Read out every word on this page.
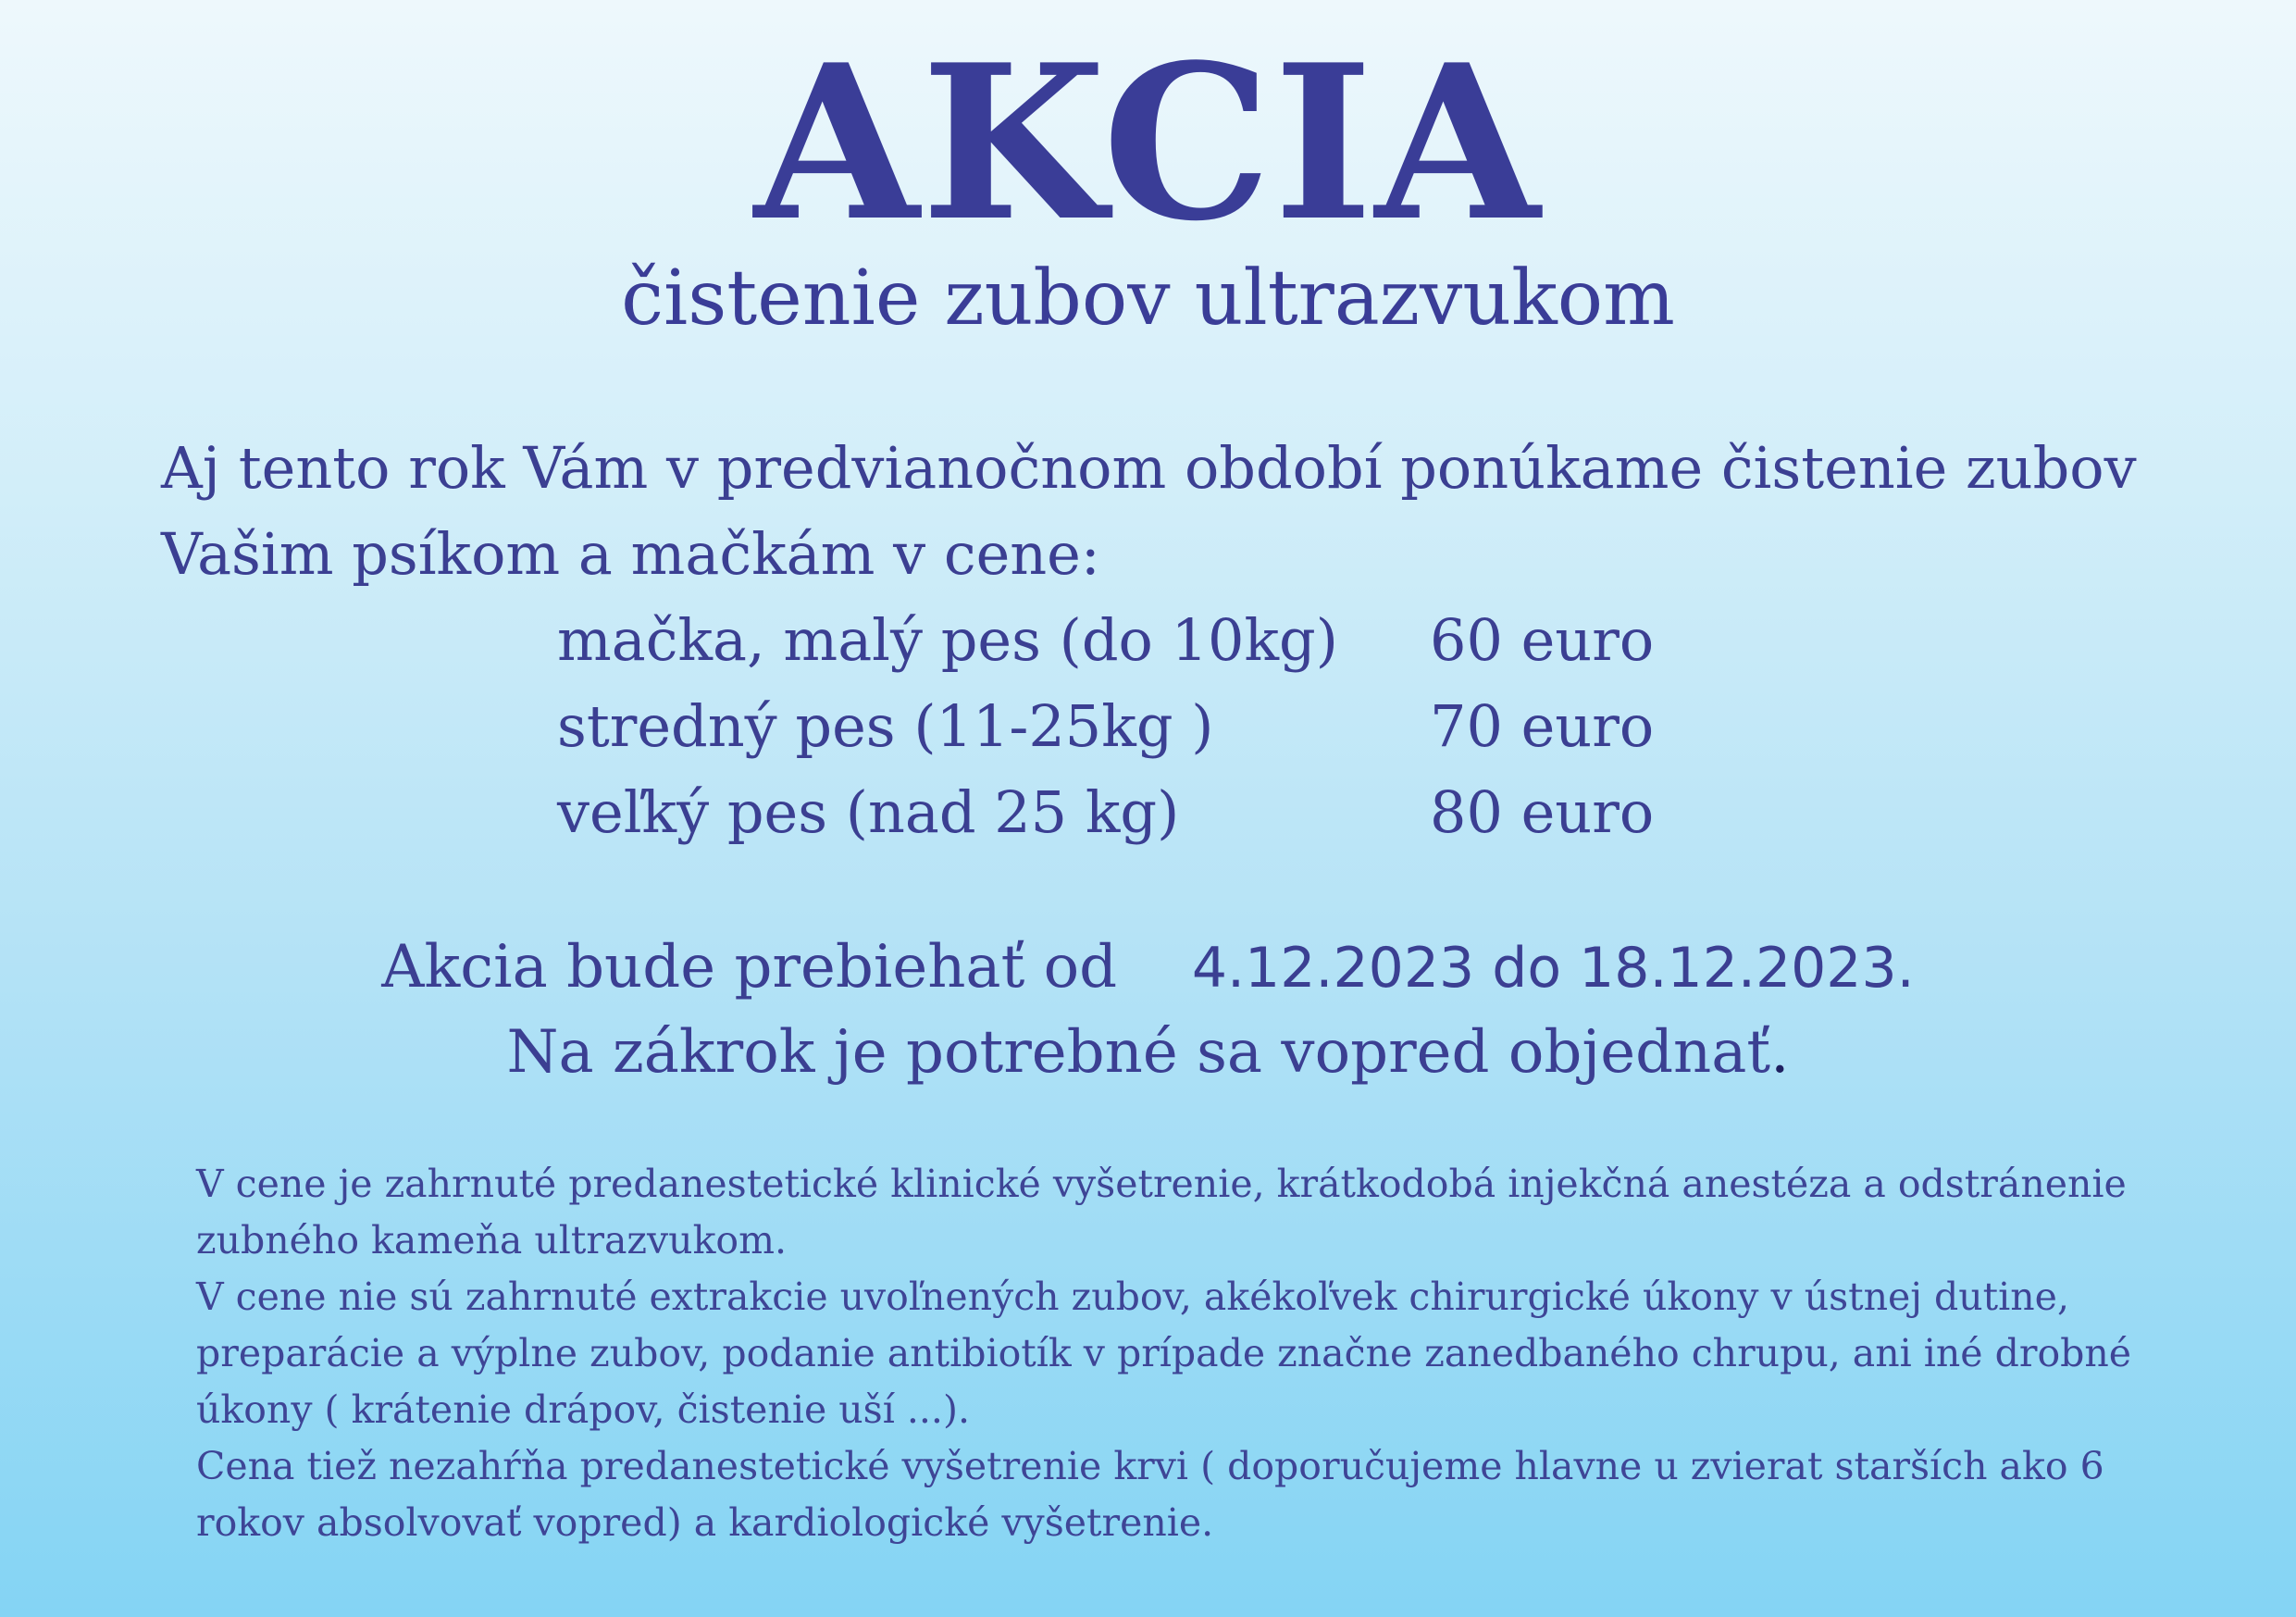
AKCIA
čistenie zubov ultrazvukom
Aj tento rok Vám v predvianočnom období ponúkame čistenie zubov
Vašim psíkom a mačkám v cene:
mačka, malý pes (do 10kg) 60 euro
stredný pes (11-25kg )	70 euro
veľký pes (nad 25 kg)	80 euro
Akcia bude prebiehať od 4.12.2023 do 18.12.2023.
Na zákrok je potrebné sa vopred objednať.
V cene je zahrnuté predanestetické klinické vyšetrenie, krátkodobá injekčná anestéza a odstránenie
zubného kameňa ultrazvukom.
V cene nie sú zahrnuté extrakcie uvoľnených zubov, akékoľvek chirurgické úkony v ústnej dutine,
preparácie a výplne zubov, podanie antibiotík v prípade značne zanedbaného chrupu, ani iné drobné
úkony ( krátenie drápov, čistenie uší ...).
Cena tiež nezahŕňa predanestetické vyšetrenie krvi ( doporučujeme hlavne u zvierat starších ako 6
rokov absolvovať vopred) a kardiologické vyšetrenie.
